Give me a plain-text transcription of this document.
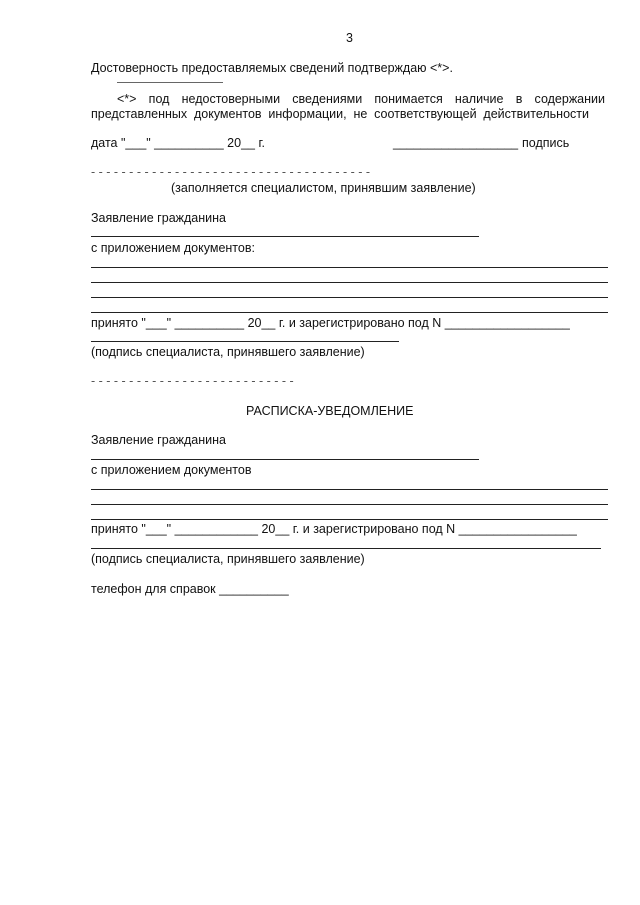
3
Достоверность предоставляемых сведений подтверждаю <*>.
<*> под недостоверными сведениями понимается наличие в содержании
представленных документов информации, не соответствующей действительности
дата "___" __________ 20__ г.	__________________ подпись
- - - - - - - - - - - - - - - - - - - - - - - - - - - - - - - - - - - - -
(заполняется специалистом, принявшим заявление)
Заявление гражданина
с приложением документов:
принято "___" __________ 20__ г. и зарегистрировано под N __________________
(подпись специалиста, принявшего заявление)
- - - - - - - - - - - - - - - - - - - - - - - - - - -
РАСПИСКА-УВЕДОМЛЕНИЕ
Заявление гражданина
с приложением документов
принято "___" ____________ 20__ г. и зарегистрировано под N _________________
(подпись специалиста, принявшего заявление)
телефон для справок __________
